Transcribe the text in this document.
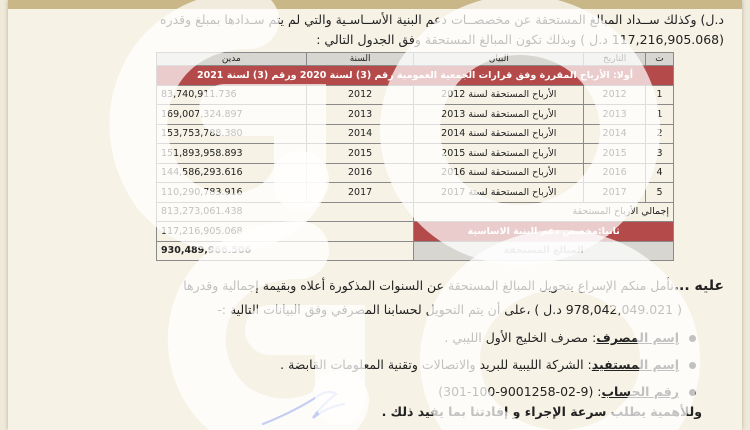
د.ل) وكذلك ســداد المبالغ المستحقة عن مخصصــات دعم البنية الأســاسـية والتي لم يتم سـدادها بمبلغ وقدره
(117,216,905.068 د.ل ) وبذلك تكون المبالغ المستحقة وفق الجدول التالي :
ت	التاريخ	البيان	السنة	مدين
أولا: الأرباح المقررة وفق قرارات الجمعية العمومية رقم (3) لسنة 2020 ورقم (3) لسنة 2021				
1	2012	الأرباح المستحقة لسنة 2012	2012	83,740,911.736
1	2013	الأرباح المستحقة لسنة 2013	2013	169,007,324.897
2	2014	الأرباح المستحقة لسنة 2014	2014	153,753,788.380
3	2015	الأرباح المستحقة لسنة 2015	2015	151,893,958.893
4	2016	الأرباح المستحقة لسنة 2016	2016	144,586,293.616
5	2017	الأرباح المستحقة لسنة 2017	2017	110,290,783.916
إجمالي الأرباح المستحقة			813,273,061.438	
ثانيا:مخصص دعم البنية الاساسية			117,216,905.068	
المبالغ المستحقة			930,489,966.506	
عليه ...نأمل منكم الإسراع بتحويل المبالغ المستحقة عن السنوات المذكورة أعلاه وبقيمة إجمالية وقدرها
( 978,042,049.021 د.ل ) ،على أن يتم التحويل لحسابنا المصرفي وفق البيانات التالية :-
إسم المصرف: مصرف الخليج الأول الليبي .
إسم المستفيد: الشركة الليبية للبريد والاتصالات وتقنية المعلومات القابضة .
رقم الحساب: (9-02-9001258-100-301)
وللأهمية يطلب سرعة الإجراء و إفادتنا بما يفيد ذلك .
